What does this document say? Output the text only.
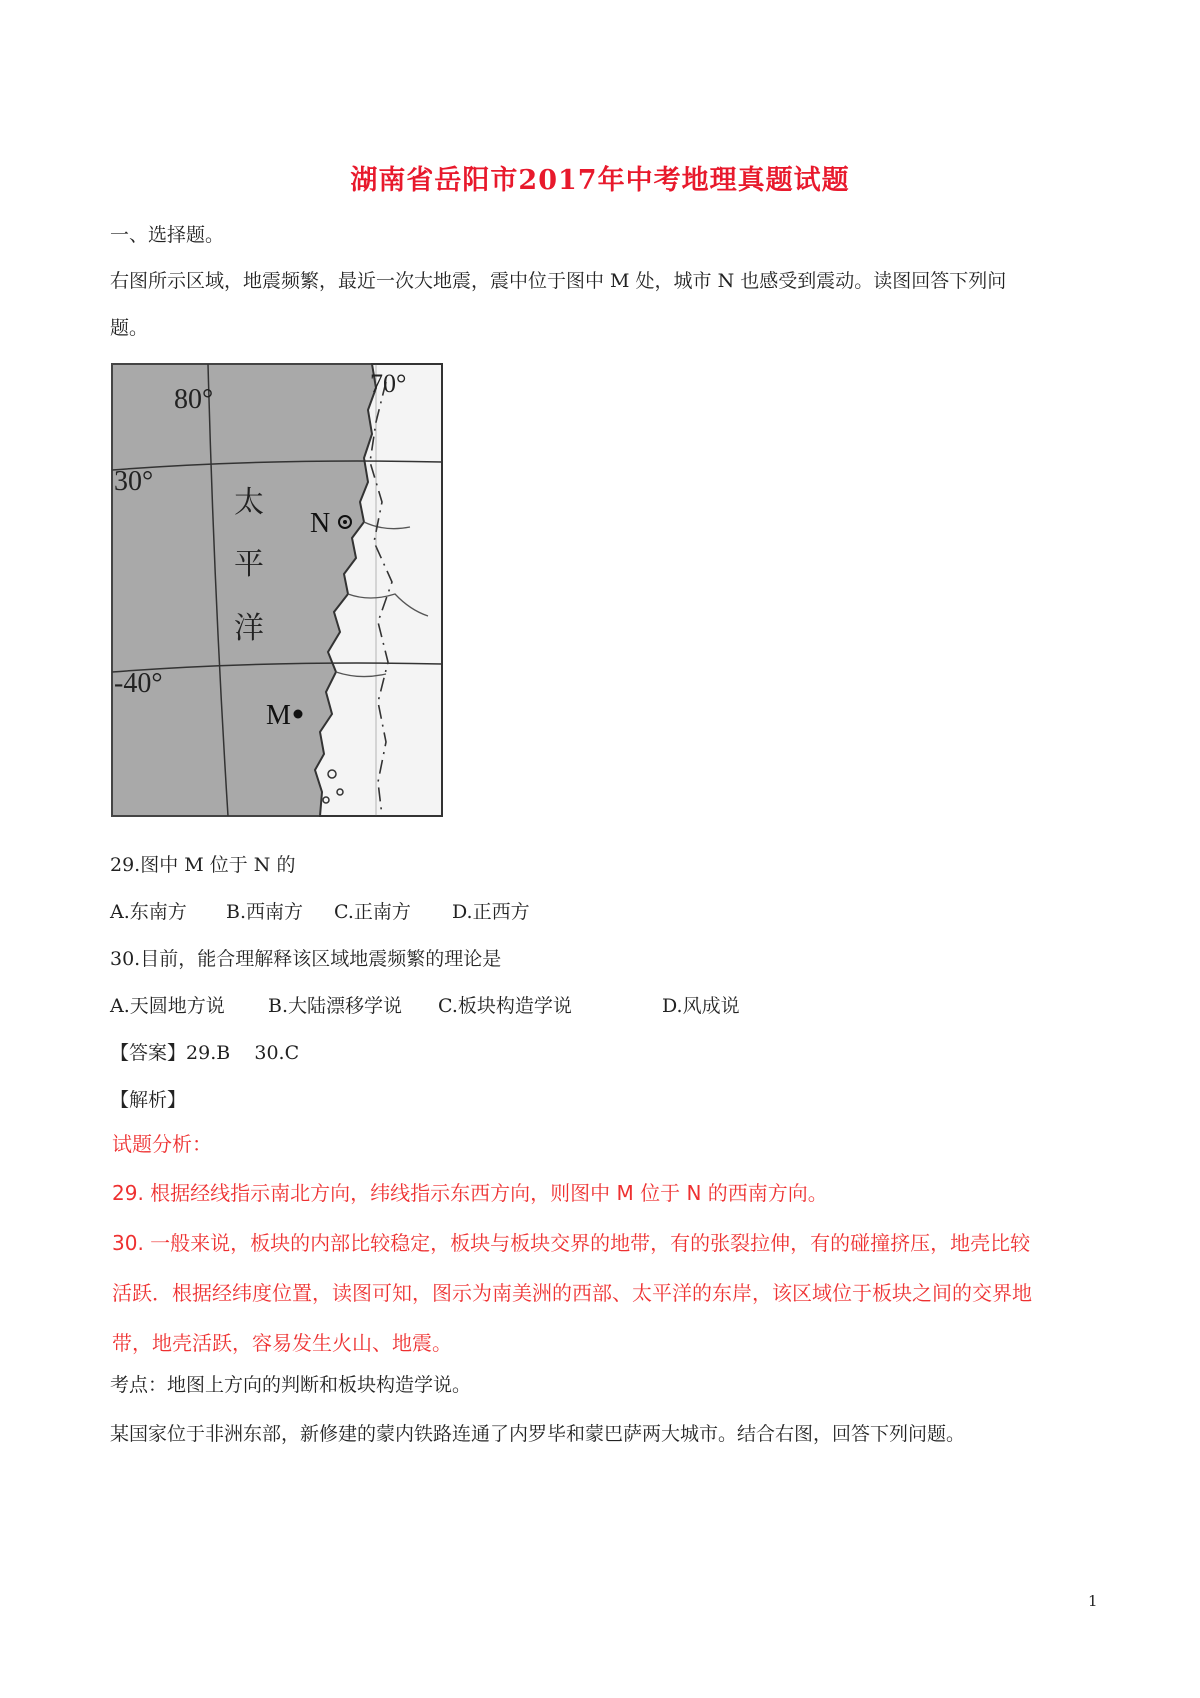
湖南省岳阳市2017年中考地理真题试题
一、选择题。
右图所示区域，地震频繁，最近一次大地震，震中位于图中 M 处，城市 N 也感受到震动。读图回答下列问
题。
80°
70°
30°
-40°
太
平
洋
N
M
29.图中 M 位于 N 的
A.东南方 B.西南方 C.正南方 D.正西方
30.目前，能合理解释该区域地震频繁的理论是
A.天圆地方说 B.大陆漂移学说 C.板块构造学说	D.风成说
【答案】29.B    30.C
【解析】
试题分析：
29. 根据经线指示南北方向，纬线指示东西方向，则图中 M 位于 N 的西南方向。
30. 一般来说，板块的内部比较稳定，板块与板块交界的地带，有的张裂拉伸，有的碰撞挤压，地壳比较
活跃．根据经纬度位置，读图可知，图示为南美洲的西部、太平洋的东岸，该区域位于板块之间的交界地
带，地壳活跃，容易发生火山、地震。
考点：地图上方向的判断和板块构造学说。
某国家位于非洲东部，新修建的蒙内铁路连通了内罗毕和蒙巴萨两大城市。结合右图，回答下列问题。
1
